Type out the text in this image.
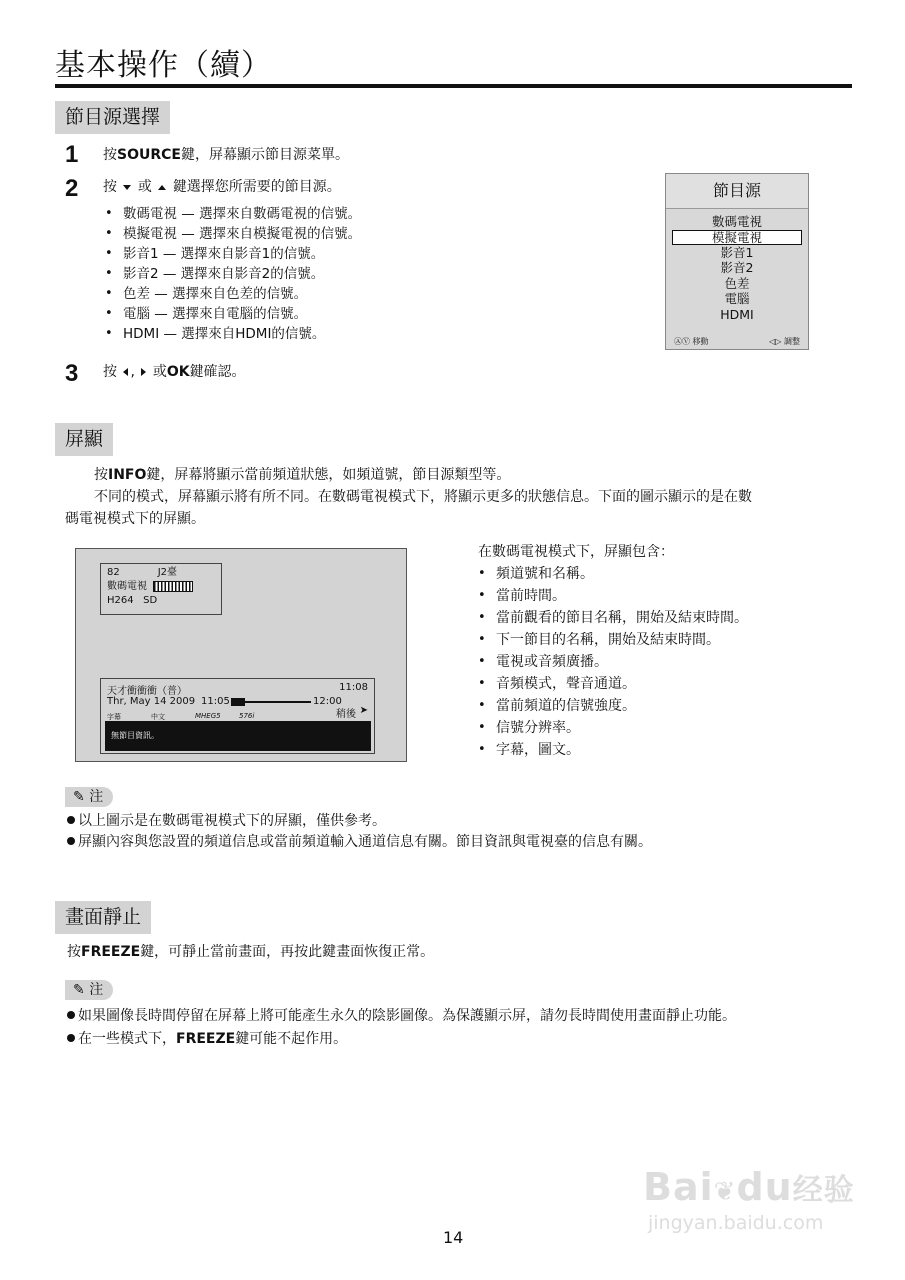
基本操作（續）
節目源選擇
1 按SOURCE鍵，屏幕顯示節目源菜單。
2 按 或 鍵選擇您所需要的節目源。
• 數碼電視 — 選擇來自數碼電視的信號。
• 模擬電視 — 選擇來自模擬電視的信號。
• 影音1 — 選擇來自影音1的信號。
• 影音2 — 選擇來自影音2的信號。
• 色差 — 選擇來自色差的信號。
• 電腦 — 選擇來自電腦的信號。
• HDMI — 選擇來自HDMI的信號。
3 按 , 或OK鍵確認。
節目源
數碼電視
模擬電視
影音1
影音2
色差
電腦
HDMI
ⒶⓋ 移動	◁▷ 調整
屏顯
按INFO鍵，屏幕將顯示當前頻道狀態，如頻道號，節目源類型等。
不同的模式，屏幕顯示將有所不同。在數碼電視模式下，將顯示更多的狀態信息。下面的圖示顯示的是在數
碼電視模式下的屏顯。
82	J2臺
數碼電視
H264 SD
天才衝衝衝（普）	11:08
Thr, May 14 2009 11:05	12:00
稍後 ➤
字幕	中文	MHEG5	576i
無節目資訊。
在數碼電視模式下，屏顯包含：
• 頻道號和名稱。
• 當前時間。
• 當前觀看的節目名稱，開始及結束時間。
• 下一節目的名稱，開始及結束時間。
• 電視或音頻廣播。
• 音頻模式，聲音通道。
• 當前頻道的信號強度。
• 信號分辨率。
• 字幕，圖文。
✎ 注
以上圖示是在數碼電視模式下的屏顯，僅供參考。
屏顯內容與您設置的頻道信息或當前頻道輸入通道信息有關。節目資訊與電視臺的信息有關。
畫面靜止
按FREEZE鍵，可靜止當前畫面，再按此鍵畫面恢復正常。
✎ 注
如果圖像長時間停留在屏幕上將可能產生永久的陰影圖像。為保護顯示屏，請勿長時間使用畫面靜止功能。
在一些模式下，FREEZE鍵可能不起作用。
Bai❦du经验
jingyan.baidu.com
14
